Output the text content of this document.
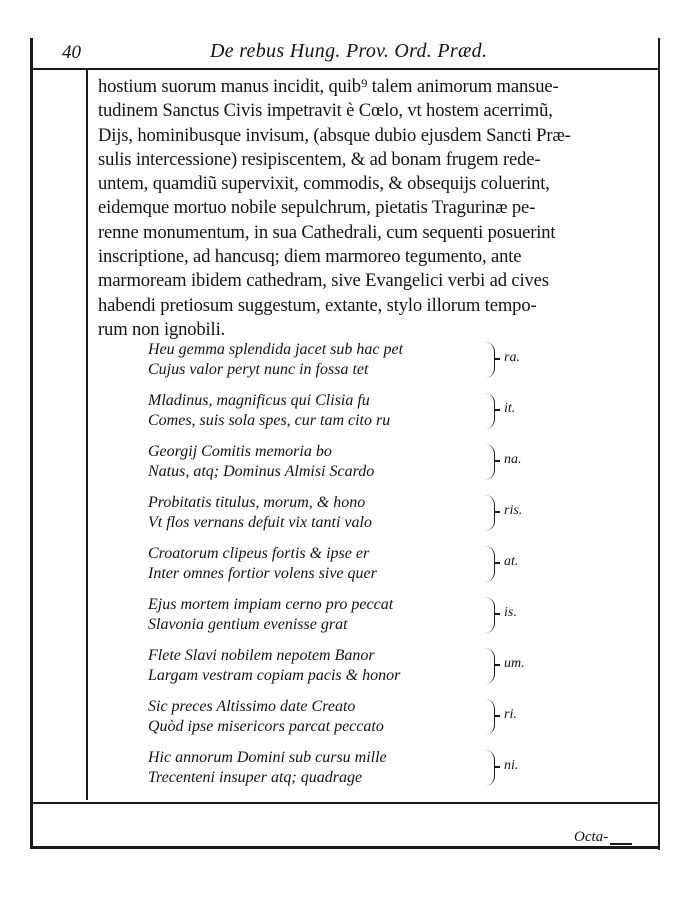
40	De rebus Hung. Prov. Ord. Præd.
hostium suorum manus incidit, quib⁹ talem animorum mansue-
tudinem Sanctus Civis impetravit è Cœlo, vt hostem acerrimũ,
Dijs, hominibusque invisum, (absque dubio ejusdem Sancti Præ-
sulis intercessione) resipiscentem, & ad bonam frugem rede-
untem, quamdiũ supervixit, commodis, & obsequijs coluerint,
eidemque mortuo nobile sepulchrum, pietatis Tragurinæ pe-
renne monumentum, in sua Cathedrali, cum sequenti posuerint
inscriptione, ad hancusq; diem marmoreo tegumento, ante
marmoream ibidem cathedram, sive Evangelici verbi ad cives
habendi pretiosum suggestum, extante, stylo illorum tempo-
rum non ignobili.
Heu gemma splendida jacet sub hac pet
Cujus valor peryt nunc in fossa tet
ra.
Mladinus, magnificus qui Clisia fu
Comes, suis sola spes, cur tam cito ru
it.
Georgij Comitis memoria bo
Natus, atq; Dominus Almisi Scardo
na.
Probitatis titulus, morum, & hono
Vt flos vernans defuit vix tanti valo
ris.
Croatorum clipeus fortis & ipse er
Inter omnes fortior volens sive quer
at.
Ejus mortem impiam cerno pro peccat
Slavonia gentium evenisse grat
is.
Flete Slavi nobilem nepotem Banor
Largam vestram copiam pacis & honor
um.
Sic preces Altissimo date Creato
Quòd ipse misericors parcat peccato
ri.
Hic annorum Domini sub cursu mille
Trecenteni insuper atq; quadrage
ni.
Octa-
